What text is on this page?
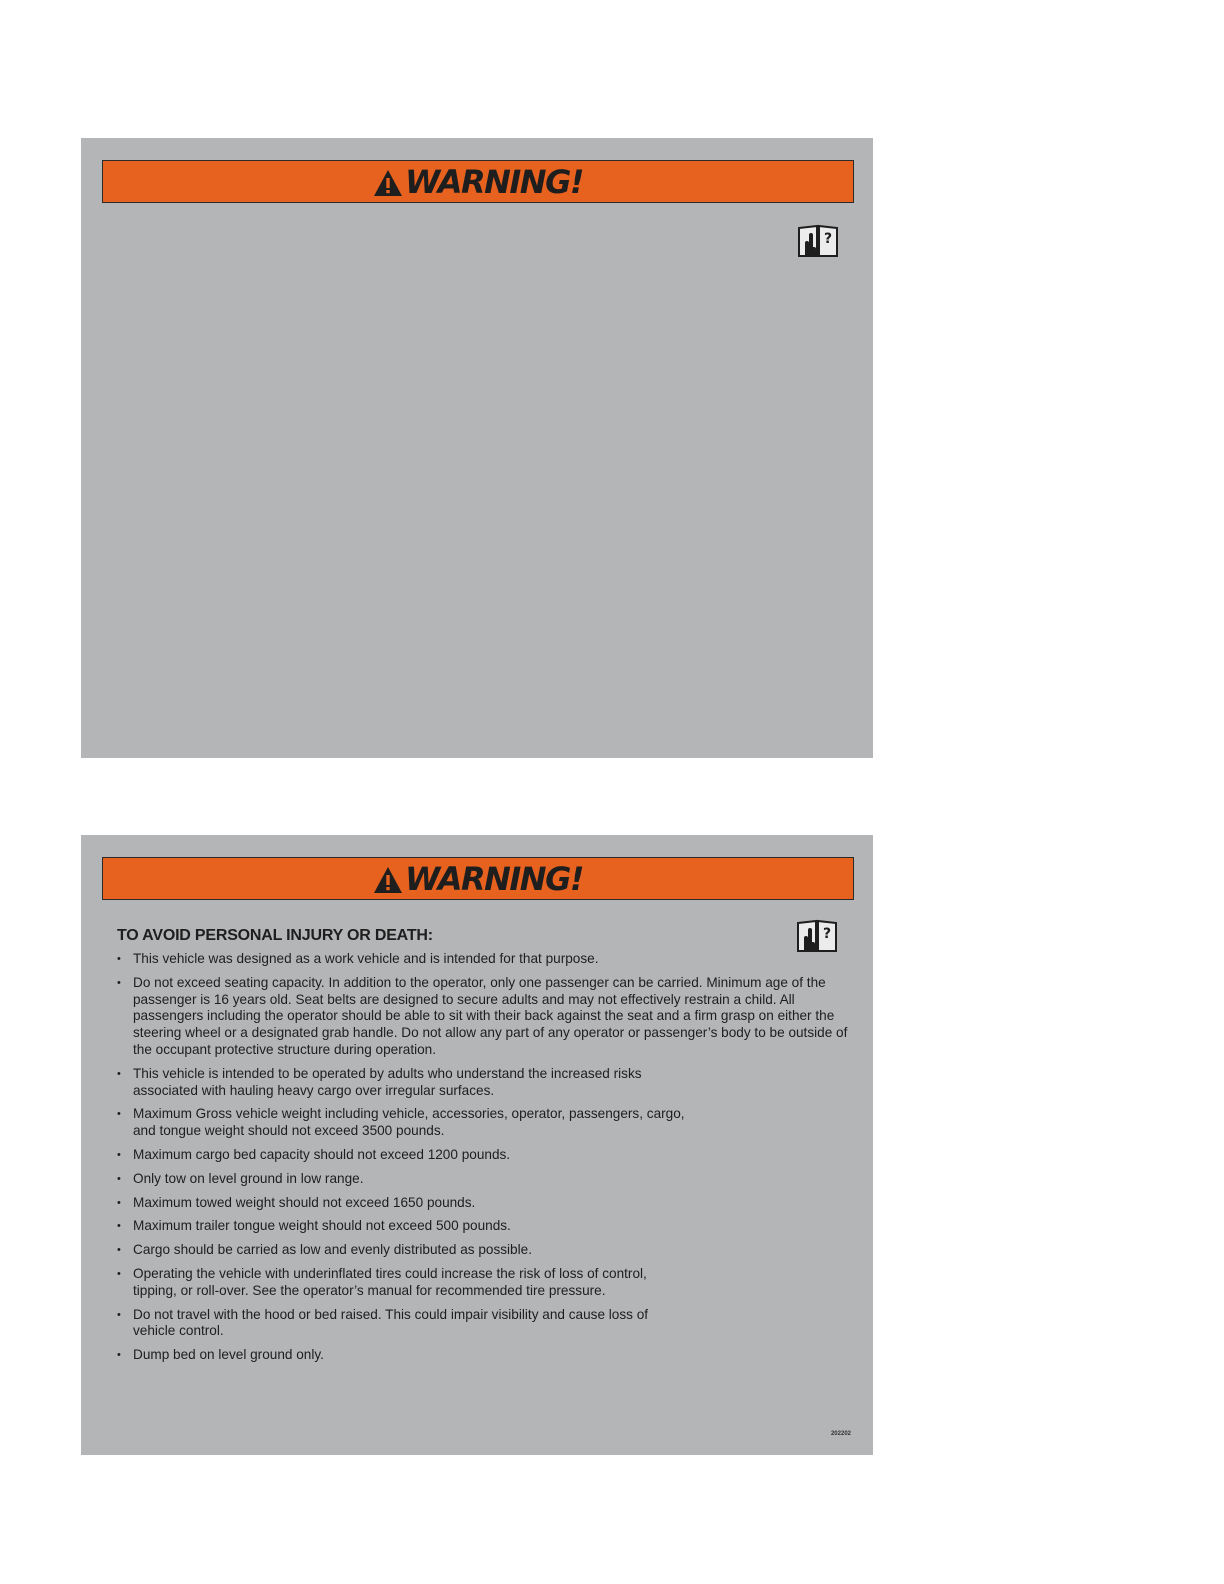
WARNING!
?
WARNING!
?
TO AVOID PERSONAL INJURY OR DEATH:
• This vehicle was designed as a work vehicle and is intended for that purpose.
• Do not exceed seating capacity. In addition to the operator, only one passenger can be carried. Minimum age of the passenger is 16 years old. Seat belts are designed to secure adults and may not effectively restrain a child. All passengers including the operator should be able to sit with their back against the seat and a firm grasp on either the steering wheel or a designated grab handle. Do not allow any part of any operator or passenger’s body to be outside of the occupant protective structure during operation.
• This vehicle is intended to be operated by adults who understand the increased risks associated with hauling heavy cargo over irregular surfaces.
• Maximum Gross vehicle weight including vehicle, accessories, operator, passengers, cargo, and tongue weight should not exceed 3500 pounds.
• Maximum cargo bed capacity should not exceed 1200 pounds.
• Only tow on level ground in low range.
• Maximum towed weight should not exceed 1650 pounds.
• Maximum trailer tongue weight should not exceed 500 pounds.
• Cargo should be carried as low and evenly distributed as possible.
• Operating the vehicle with underinflated tires could increase the risk of loss of control, tipping, or roll-over. See the operator’s manual for recommended tire pressure.
• Do not travel with the hood or bed raised. This could impair visibility and cause loss of vehicle control.
• Dump bed on level ground only.
202202
